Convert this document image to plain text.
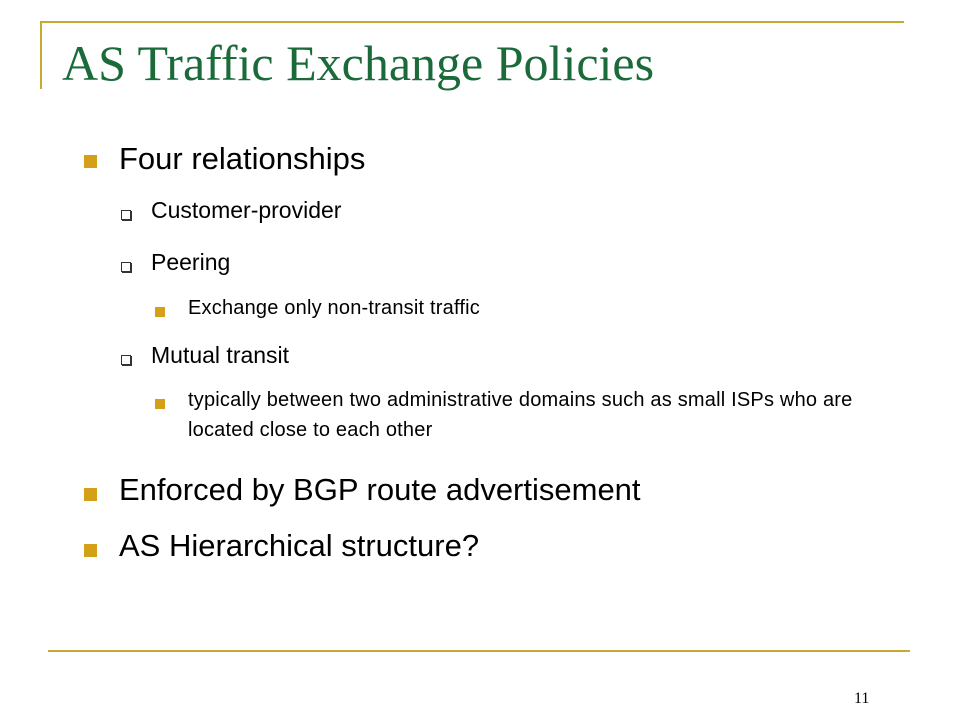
AS Traffic Exchange Policies
Four relationships
Customer-provider
Peering
Exchange only non-transit traffic
Mutual transit
typically between two administrative domains such as small ISPs who are located close to each other
Enforced by BGP route advertisement
AS Hierarchical structure?
11
